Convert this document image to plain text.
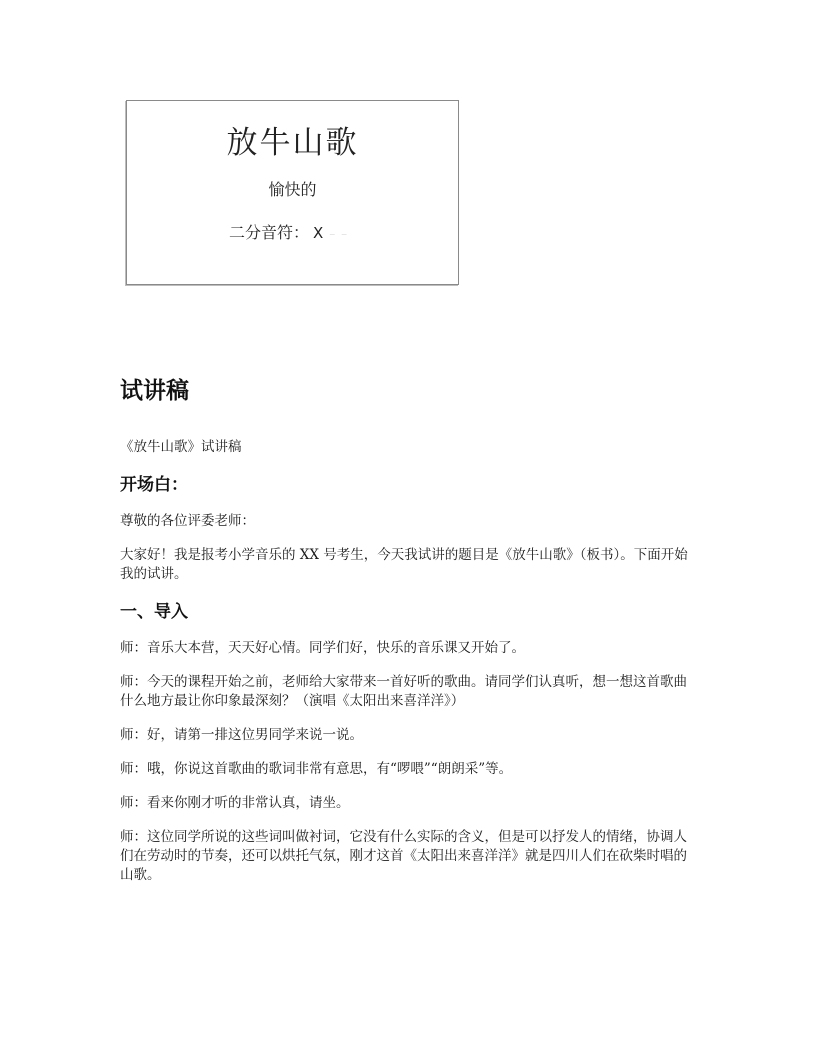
放牛山歌
愉快的
二分音符： X – –
试讲稿
《放牛山歌》试讲稿
开场白：
尊敬的各位评委老师：
大家好！我是报考小学音乐的 XX 号考生，今天我试讲的题目是《放牛山歌》（板书）。下面开始我的试讲。
一、导入
师：音乐大本营，天天好心情。同学们好，快乐的音乐课又开始了。
师：今天的课程开始之前，老师给大家带来一首好听的歌曲。请同学们认真听，想一想这首歌曲什么地方最让你印象最深刻？（演唱《太阳出来喜洋洋》）
师：好，请第一排这位男同学来说一说。
师：哦，你说这首歌曲的歌词非常有意思，有“啰喂”“朗朗采”等。
师：看来你刚才听的非常认真，请坐。
师：这位同学所说的这些词叫做衬词，它没有什么实际的含义，但是可以抒发人的情绪，协调人们在劳动时的节奏，还可以烘托气氛，刚才这首《太阳出来喜洋洋》就是四川人们在砍柴时唱的山歌。
